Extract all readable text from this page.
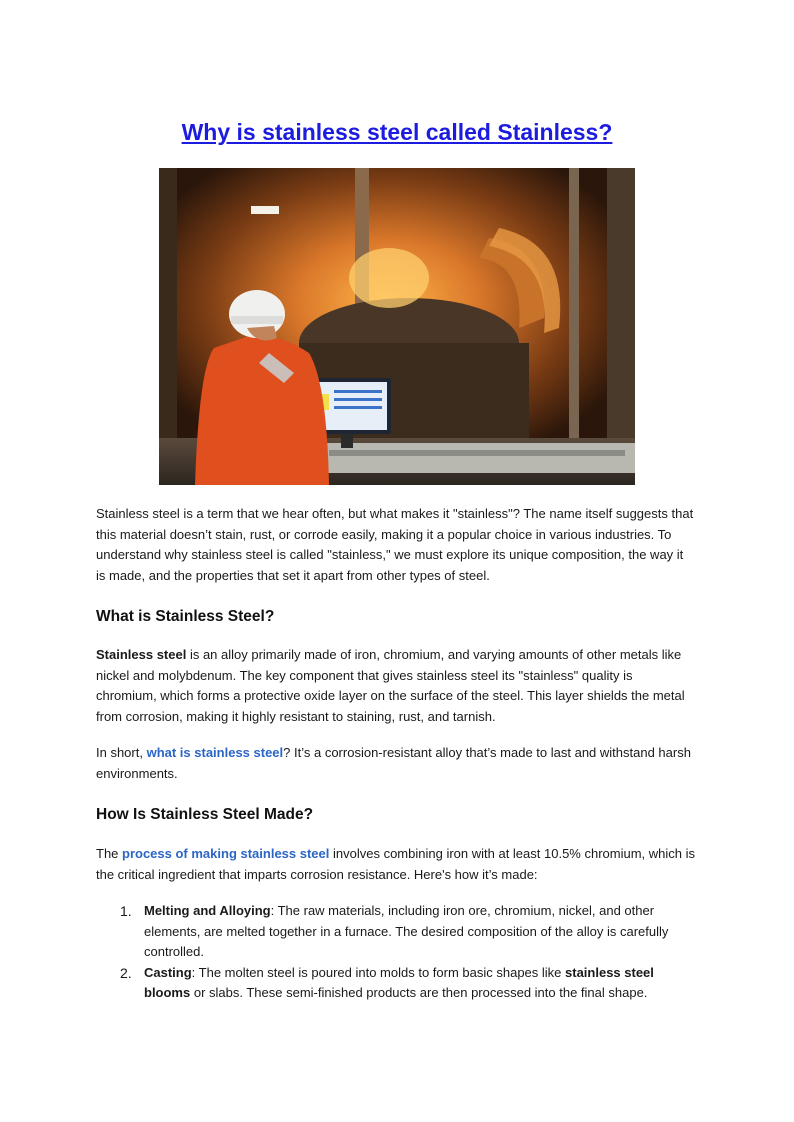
Why is stainless steel called Stainless?

Stainless steel is a term that we hear often, but what makes it "stainless"? The name itself suggests that this material doesn’t stain, rust, or corrode easily, making it a popular choice in various industries. To understand why stainless steel is called "stainless," we must explore its unique composition, the way it is made, and the properties that set it apart from other types of steel.

What is Stainless Steel?

Stainless steel is an alloy primarily made of iron, chromium, and varying amounts of other metals like nickel and molybdenum. The key component that gives stainless steel its "stainless" quality is chromium, which forms a protective oxide layer on the surface of the steel. This layer shields the metal from corrosion, making it highly resistant to staining, rust, and tarnish.

In short, what is stainless steel? It’s a corrosion-resistant alloy that’s made to last and withstand harsh environments.

How Is Stainless Steel Made?

The process of making stainless steel involves combining iron with at least 10.5% chromium, which is the critical ingredient that imparts corrosion resistance. Here's how it’s made:

1. Melting and Alloying: The raw materials, including iron ore, chromium, nickel, and other elements, are melted together in a furnace. The desired composition of the alloy is carefully controlled.
2. Casting: The molten steel is poured into molds to form basic shapes like stainless steel blooms or slabs. These semi-finished products are then processed into the final shape.
